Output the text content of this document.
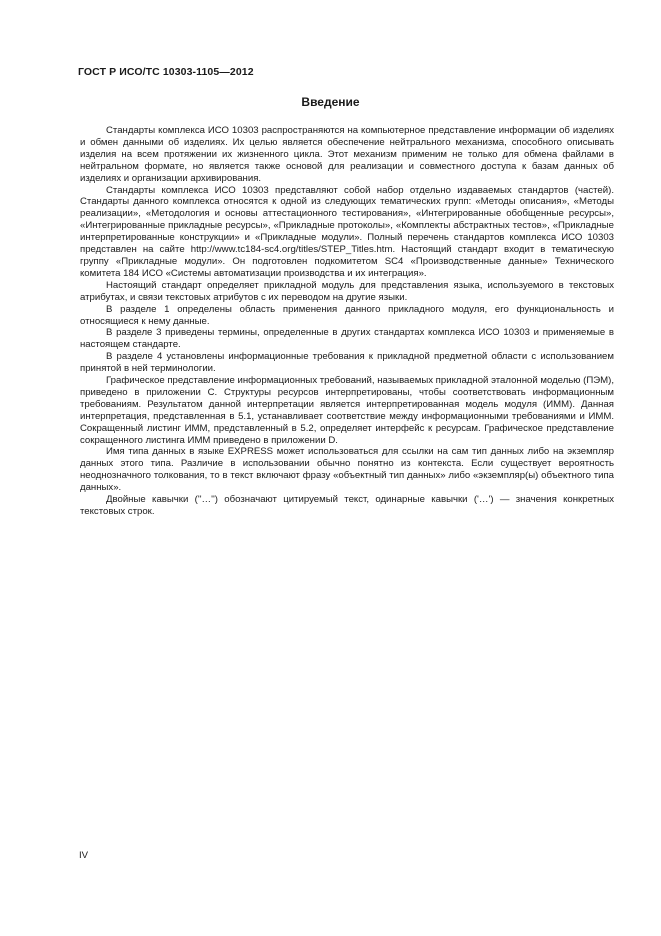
ГОСТ Р ИСО/ТС 10303-1105—2012
Введение

Стандарты комплекса ИСО 10303 распространяются на компьютерное представление информации об изделиях и обмен данными об изделиях. Их целью является обеспечение нейтрального механизма, способного описывать изделия на всем протяжении их жизненного цикла. Этот механизм применим не только для обмена файлами в нейтральном формате, но является также основой для реализации и совместного доступа к базам данных об изделиях и организации архивирования.

Стандарты комплекса ИСО 10303 представляют собой набор отдельно издаваемых стандартов (частей). Стандарты данного комплекса относятся к одной из следующих тематических групп: «Методы описания», «Методы реализации», «Методология и основы аттестационного тестирования», «Интегрированные обобщенные ресурсы», «Интегрированные прикладные ресурсы», «Прикладные протоколы», «Комплекты абстрактных тестов», «Прикладные интерпретированные конструкции» и «Прикладные модули». Полный перечень стандартов комплекса ИСО 10303 представлен на сайте http://www.tc184-sc4.org/titles/STEP_Titles.htm. Настоящий стандарт входит в тематическую группу «Прикладные модули». Он подготовлен подкомитетом SC4 «Производственные данные» Технического комитета 184 ИСО «Системы автоматизации производства и их интеграция».

Настоящий стандарт определяет прикладной модуль для представления языка, используемого в текстовых атрибутах, и связи текстовых атрибутов с их переводом на другие языки.

В разделе 1 определены область применения данного прикладного модуля, его функциональность и относящиеся к нему данные.

В разделе 3 приведены термины, определенные в других стандартах комплекса ИСО 10303 и применяемые в настоящем стандарте.

В разделе 4 установлены информационные требования к прикладной предметной области с использованием принятой в ней терминологии.

Графическое представление информационных требований, называемых прикладной эталонной моделью (ПЭМ), приведено в приложении С. Структуры ресурсов интерпретированы, чтобы соответствовать информационным требованиям. Результатом данной интерпретации является интерпретированная модель модуля (ИММ). Данная интерпретация, представленная в 5.1, устанавливает соответствие между информационными требованиями и ИММ. Сокращенный листинг ИММ, представленный в 5.2, определяет интерфейс к ресурсам. Графическое представление сокращенного листинга ИММ приведено в приложении D.

Имя типа данных в языке EXPRESS может использоваться для ссылки на сам тип данных либо на экземпляр данных этого типа. Различие в использовании обычно понятно из контекста. Если существует вероятность неоднозначного толкования, то в текст включают фразу «объектный тип данных» либо «экземпляр(ы) объектного типа данных».

Двойные кавычки (''…'') обозначают цитируемый текст, одинарные кавычки ('…') — значения конкретных текстовых строк.

IV
